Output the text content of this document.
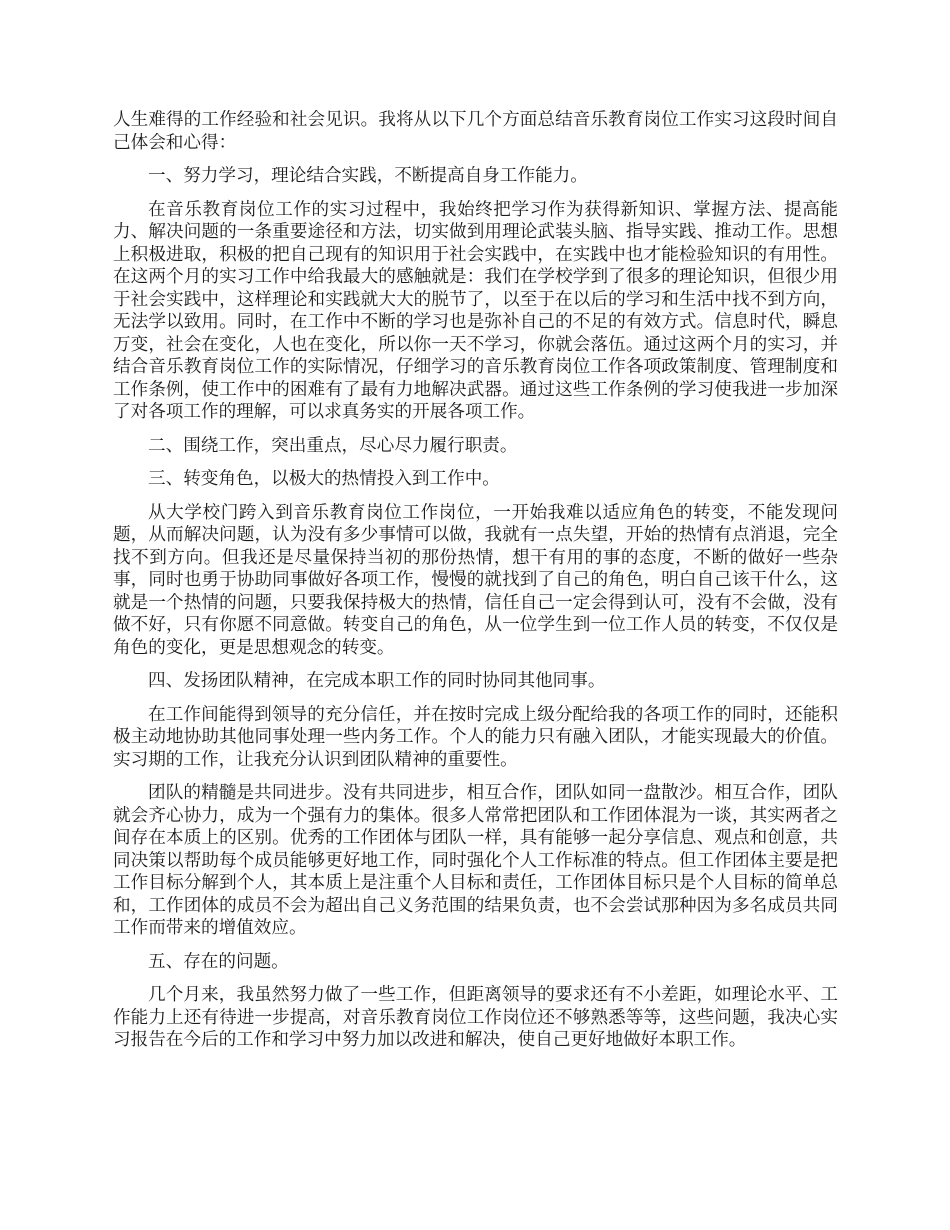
人生难得的工作经验和社会见识。我将从以下几个方面总结音乐教育岗位工作实习这段时间自己体会和心得：

一、努力学习，理论结合实践，不断提高自身工作能力。

在音乐教育岗位工作的实习过程中，我始终把学习作为获得新知识、掌握方法、提高能力、解决问题的一条重要途径和方法，切实做到用理论武装头脑、指导实践、推动工作。思想上积极进取，积极的把自己现有的知识用于社会实践中，在实践中也才能检验知识的有用性。在这两个月的实习工作中给我最大的感触就是：我们在学校学到了很多的理论知识，但很少用于社会实践中，这样理论和实践就大大的脱节了，以至于在以后的学习和生活中找不到方向，无法学以致用。同时，在工作中不断的学习也是弥补自己的不足的有效方式。信息时代，瞬息万变，社会在变化，人也在变化，所以你一天不学习，你就会落伍。通过这两个月的实习，并结合音乐教育岗位工作的实际情况，仔细学习的音乐教育岗位工作各项政策制度、管理制度和工作条例，使工作中的困难有了最有力地解决武器。通过这些工作条例的学习使我进一步加深了对各项工作的理解，可以求真务实的开展各项工作。

二、围绕工作，突出重点，尽心尽力履行职责。

三、转变角色，以极大的热情投入到工作中。

从大学校门跨入到音乐教育岗位工作岗位，一开始我难以适应角色的转变，不能发现问题，从而解决问题，认为没有多少事情可以做，我就有一点失望，开始的热情有点消退，完全找不到方向。但我还是尽量保持当初的那份热情，想干有用的事的态度，不断的做好一些杂事，同时也勇于协助同事做好各项工作，慢慢的就找到了自己的角色，明白自己该干什么，这就是一个热情的问题，只要我保持极大的热情，信任自己一定会得到认可，没有不会做，没有做不好，只有你愿不同意做。转变自己的角色，从一位学生到一位工作人员的转变，不仅仅是角色的变化，更是思想观念的转变。

四、发扬团队精神，在完成本职工作的同时协同其他同事。

在工作间能得到领导的充分信任，并在按时完成上级分配给我的各项工作的同时，还能积极主动地协助其他同事处理一些内务工作。个人的能力只有融入团队，才能实现最大的价值。实习期的工作，让我充分认识到团队精神的重要性。

团队的精髓是共同进步。没有共同进步，相互合作，团队如同一盘散沙。相互合作，团队就会齐心协力，成为一个强有力的集体。很多人常常把团队和工作团体混为一谈，其实两者之间存在本质上的区别。优秀的工作团体与团队一样，具有能够一起分享信息、观点和创意，共同决策以帮助每个成员能够更好地工作，同时强化个人工作标准的特点。但工作团体主要是把工作目标分解到个人，其本质上是注重个人目标和责任，工作团体目标只是个人目标的简单总和，工作团体的成员不会为超出自己义务范围的结果负责，也不会尝试那种因为多名成员共同工作而带来的增值效应。

五、存在的问题。

几个月来，我虽然努力做了一些工作，但距离领导的要求还有不小差距，如理论水平、工作能力上还有待进一步提高，对音乐教育岗位工作岗位还不够熟悉等等，这些问题，我决心实习报告在今后的工作和学习中努力加以改进和解决，使自己更好地做好本职工作。
